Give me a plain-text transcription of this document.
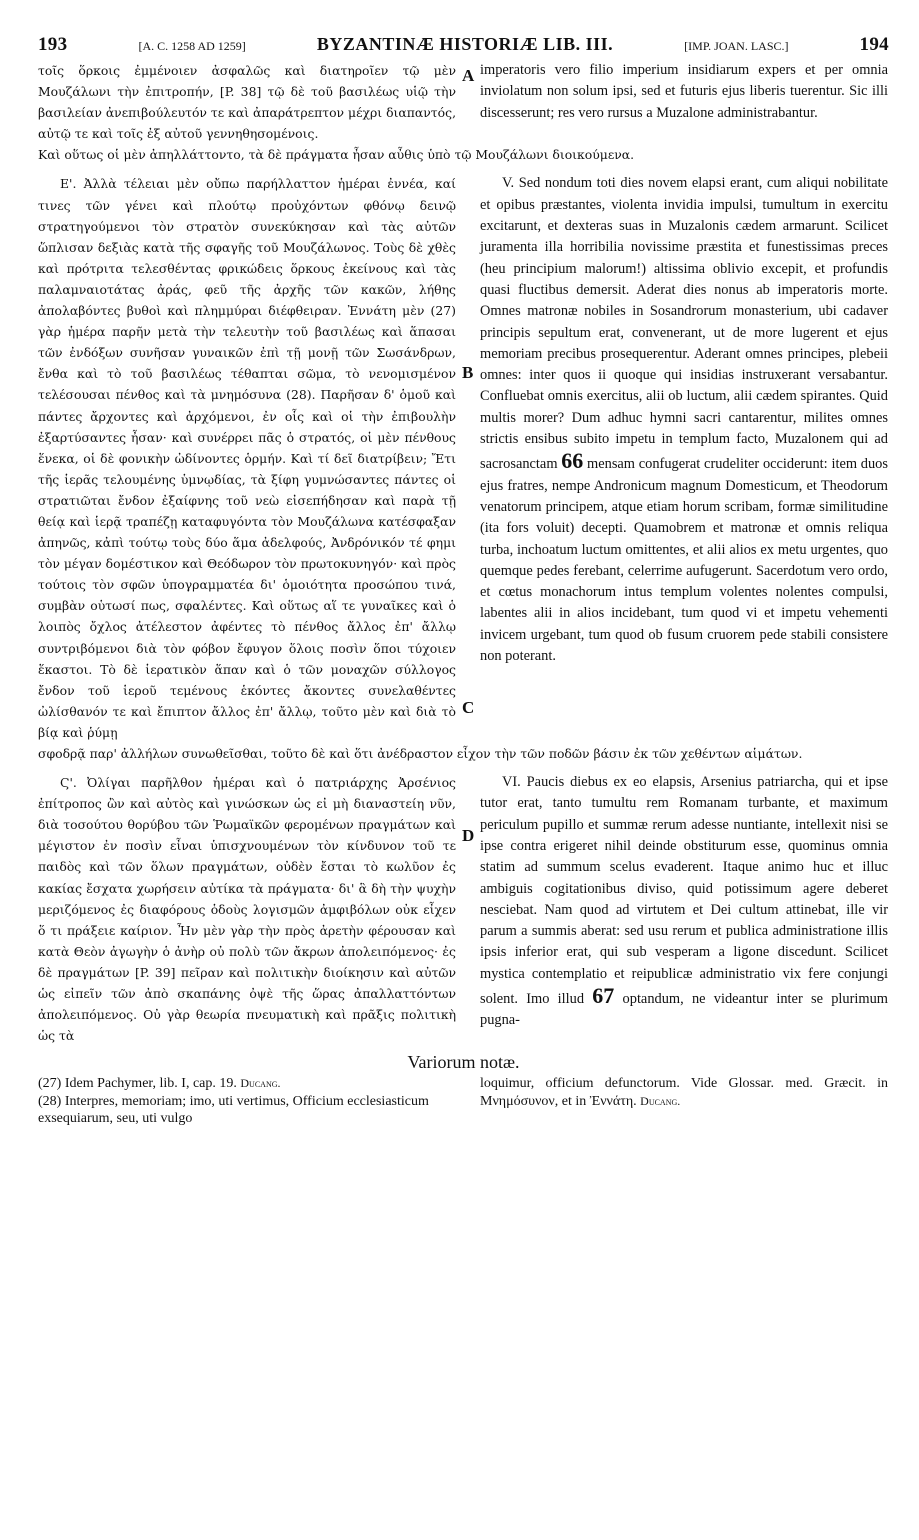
193	[A. C. 1258 AD 1259]	BYZANTINÆ HISTORIÆ LIB. III.	[IMP. JOAN. LASC.]	194

τοῖς ὅρκοις ἐμμένοιεν ἀσφαλῶς καὶ διατηροῖεν τῷ μὲν Μουζάλωνι τὴν ἐπιτροπήν, [P. 38] τῷ δὲ τοῦ βασιλέως υἱῷ τὴν βασιλείαν ἀνεπιβούλευτόν τε καὶ ἀπαράτρεπτον μέχρι διαπαντός, αὐτῷ τε καὶ τοῖς ἐξ αὐτοῦ γεννηθησομένοις.

imperatoris vero filio imperium insidiarum expers et per omnia inviolatum non solum ipsi, sed et futuris ejus liberis tuerentur. Sic illi discesserunt; res vero rursus a Muzalone administrabantur.

A

Καὶ οὕτως οἱ μὲν ἀπηλλάττοντο, τὰ δὲ πράγματα ἦσαν αὖθις ὑπὸ τῷ Μουζάλωνι διοικούμενα.

Ε'. Ἀλλὰ τέλειαι μὲν οὔπω παρήλλαττον ἡμέραι ἐννέα, καί τινες τῶν γένει καὶ πλούτῳ προὐχόντων φθόνῳ δεινῷ στρατηγούμενοι τὸν στρατὸν συνεκύκησαν καὶ τὰς αὐτῶν ὥπλισαν δεξιὰς κατὰ τῆς σφαγῆς τοῦ Μουζάλωνος. Τοὺς δὲ χθὲς καὶ πρότριτα τελεσθέντας φρικώδεις ὅρκους ἐκείνους καὶ τὰς παλαμναιοτάτας ἀράς, φεῦ τῆς ἀρχῆς τῶν κακῶν, λήθης ἀπολαβόντες βυθοὶ καὶ πλημμύραι διέφθειραν. Ἐννάτη μὲν (27) γὰρ ἡμέρα παρῆν μετὰ τὴν τελευτὴν τοῦ βασιλέως καὶ ἅπασαι τῶν ἐνδόξων συνῆσαν γυναικῶν ἐπὶ τῇ μονῇ τῶν Σωσάνδρων, ἔνθα καὶ τὸ τοῦ βασιλέως τέθαπται σῶμα, τὸ νενομισμένον τελέσουσαι πένθος καὶ τὰ μνημόσυνα (28). Παρῆσαν δ' ὁμοῦ καὶ πάντες ἄρχοντες καὶ ἀρχόμενοι, ἐν οἷς καὶ οἱ τὴν ἐπιβουλὴν ἐξαρτύσαντες ἦσαν· καὶ συνέρρει πᾶς ὁ στρατός, οἱ μὲν πένθους ἕνεκα, οἱ δὲ φονικὴν ὠδίνοντες ὁρμήν. Καὶ τί δεῖ διατρίβειν; Ἔτι τῆς ἱερᾶς τελουμένης ὑμνῳδίας, τὰ ξίφη γυμνώσαντες πάντες οἱ στρατιῶται ἔνδον ἐξαίφνης τοῦ νεὼ εἰσεπήδησαν καὶ παρὰ τῇ θείᾳ καὶ ἱερᾷ τραπέζῃ καταφυγόντα τὸν Μουζάλωνα κατέσφαξαν ἀπηνῶς, κἀπὶ τούτῳ τοὺς δύο ἅμα ἀδελφούς, Ἀνδρόνικόν τέ φημι τὸν μέγαν δομέστικον καὶ Θεόδωρον τὸν πρωτοκυνηγόν· καὶ πρὸς τούτοις τὸν σφῶν ὑπογραμματέα δι' ὁμοιότητα προσώπου τινά, συμβὰν οὑτωσί πως, σφαλέντες. Καὶ οὕτως αἵ τε γυναῖκες καὶ ὁ λοιπὸς ὄχλος ἀτέλεστον ἀφέντες τὸ πένθος ἄλλος ἐπ' ἄλλῳ συντριβόμενοι διὰ τὸν φόβον ἔφυγον ὅλοις ποσὶν ὅποι τύχοιεν ἕκαστοι. Τὸ δὲ ἱερατικὸν ἅπαν καὶ ὁ τῶν μοναχῶν σύλλογος ἔνδον τοῦ ἱεροῦ τεμένους ἑκόντες ἄκοντες συνελαθέντες ὠλίσθανόν τε καὶ ἔπιπτον ἄλλος ἐπ' ἄλλῳ, τοῦτο μὲν καὶ διὰ τὸ βίᾳ καὶ ῥύμῃ

V. Sed nondum toti dies novem elapsi erant, cum aliqui nobilitate et opibus præstantes, violenta invidia impulsi, tumultum in exercitu excitarunt, et dexteras suas in Muzalonis cædem armarunt. Scilicet juramenta illa horribilia novissime præstita et funestissimas preces (heu principium malorum!) altissima oblivio excepit, et profundis quasi fluctibus demersit. Aderat dies nonus ab imperatoris morte. Omnes matronæ nobiles in Sosandrorum monasterium, ubi cadaver principis sepultum erat, convenerant, ut de more lugerent et ejus memoriam precibus prosequerentur. Aderant omnes principes, plebeii omnes: inter quos ii quoque qui insidias instruxerant versabantur. Confluebat omnis exercitus, alii ob luctum, alii cædem spirantes. Quid multis morer? Dum adhuc hymni sacri cantarentur, milites omnes strictis ensibus subito impetu in templum facto, Muzalonem qui ad sacrosanctam 66 mensam confugerat crudeliter occiderunt: item duos ejus fratres, nempe Andronicum magnum Domesticum, et Theodorum venatorum principem, atque etiam horum scribam, formæ similitudine (ita fors voluit) decepti. Quamobrem et matronæ et omnis reliqua turba, inchoatum luctum omittentes, et alii alios ex metu urgentes, quo quemque pedes ferebant, celerrime aufugerunt. Sacerdotum vero ordo, et cœtus monachorum intus templum volentes nolentes compulsi, labentes alii in alios incidebant, tum quod vi et impetu vehementi invicem urgebant, tum quod ob fusum cruorem pede stabili consistere non poterant.

B
C

σφοδρᾷ παρ' ἀλλήλων συνωθεῖσθαι, τοῦτο δὲ καὶ ὅτι ἀνέδραστον εἶχον τὴν τῶν ποδῶν βάσιν ἐκ τῶν χεθέντων αἱμάτων.

Ϛ'. Ὀλίγαι παρῆλθον ἡμέραι καὶ ὁ πατριάρχης Ἀρσένιος ἐπίτροπος ὢν καὶ αὐτὸς καὶ γινώσκων ὡς εἰ μὴ διαναστείη νῦν, διὰ τοσούτου θορύβου τῶν Ῥωμαϊκῶν φερομένων πραγμάτων καὶ μέγιστον ἐν ποσὶν εἶναι ὑπισχνουμένων τὸν κίνδυνον τοῦ τε παιδὸς καὶ τῶν ὅλων πραγμάτων, οὐδὲν ἔσται τὸ κωλῦον ἐς κακίας ἔσχατα χωρήσειν αὐτίκα τὰ πράγματα· δι' ἃ δὴ τὴν ψυχὴν μεριζόμενος ἐς διαφόρους ὁδοὺς λογισμῶν ἀμφιβόλων οὐκ εἶχεν ὅ τι πράξειε καίριον. Ἦν μὲν γὰρ τὴν πρὸς ἀρετὴν φέρουσαν καὶ κατὰ Θεὸν ἀγωγὴν ὁ ἀνὴρ οὐ πολὺ τῶν ἄκρων ἀπολειπόμενος· ἐς δὲ πραγμάτων [P. 39] πεῖραν καὶ πολιτικὴν διοίκησιν καὶ αὐτῶν ὡς εἰπεῖν τῶν ἀπὸ σκαπάνης ὀψὲ τῆς ὥρας ἀπαλλαττόντων ἀπολειπόμενος. Οὐ γὰρ θεωρία πνευματικὴ καὶ πρᾶξις πολιτικὴ ὡς τὰ

VI. Paucis diebus ex eo elapsis, Arsenius patriarcha, qui et ipse tutor erat, tanto tumultu rem Romanam turbante, et maximum periculum pupillo et summæ rerum adesse nuntiante, intellexit nisi se ipse contra erigeret nihil deinde obstiturum esse, quominus omnia statim ad summum scelus evaderent. Itaque animo huc et illuc ambiguis cogitationibus diviso, quid potissimum agere deberet nesciebat. Nam quod ad virtutem et Dei cultum attinebat, ille vir parum a summis aberat: sed usu rerum et publica administratione illis ipsis inferior erat, qui sub vesperam a ligone discedunt. Scilicet mystica contemplatio et reipublicæ administratio vix fere conjungi solent. Imo illud 67 optandum, ne videantur inter se plurimum pugna-

D
Variorum notæ.

(27) Idem Pachymer, lib. I, cap. 19. Ducang.

(28) Interpres, memoriam; imo, uti vertimus, Officium ecclesiasticum exsequiarum, seu, uti vulgo

loquimur, officium defunctorum. Vide Glossar. med. Græcit. in Μνημόσυνον, et in Ἐννάτη. Ducang.
